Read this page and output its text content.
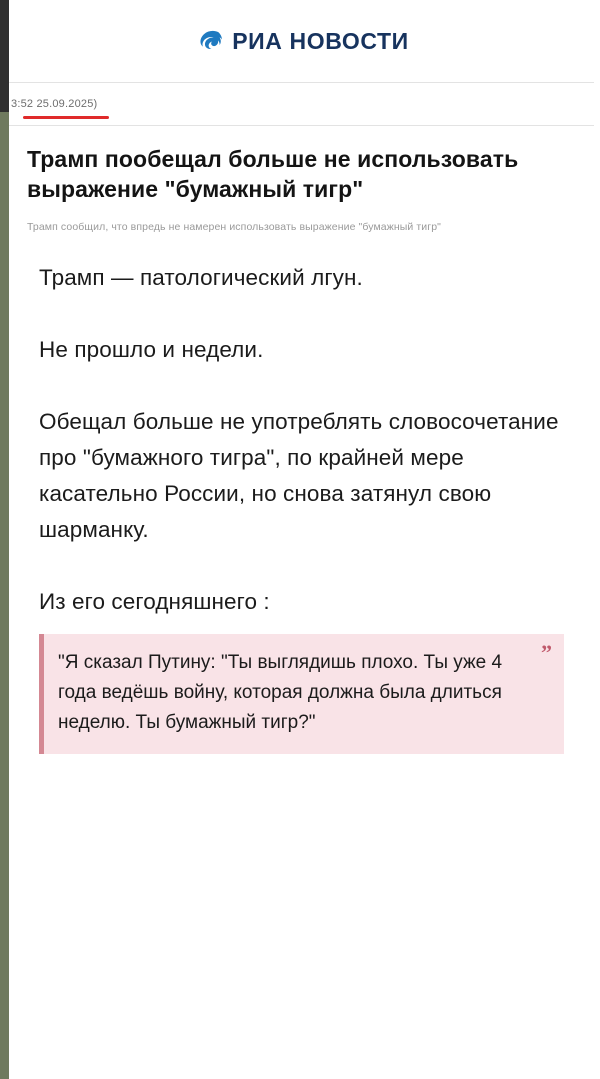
РИА НОВОСТИ
3:52 25.09.2025)
Трамп пообещал больше не использовать выражение "бумажный тигр"
Трамп сообщил, что впредь не намерен использовать выражение "бумажный тигр"

Трамп — патологический лгун.

Не прошло и недели.

Обещал больше не употреблять словосочетание про "бумажного тигра", по крайней мере касательно России, но снова затянул свою шарманку.

Из его сегодняшнего :

”

"Я сказал Путину: "Ты выглядишь плохо. Ты уже 4 года ведёшь войну, которая должна была длиться неделю. Ты бумажный тигр?"
